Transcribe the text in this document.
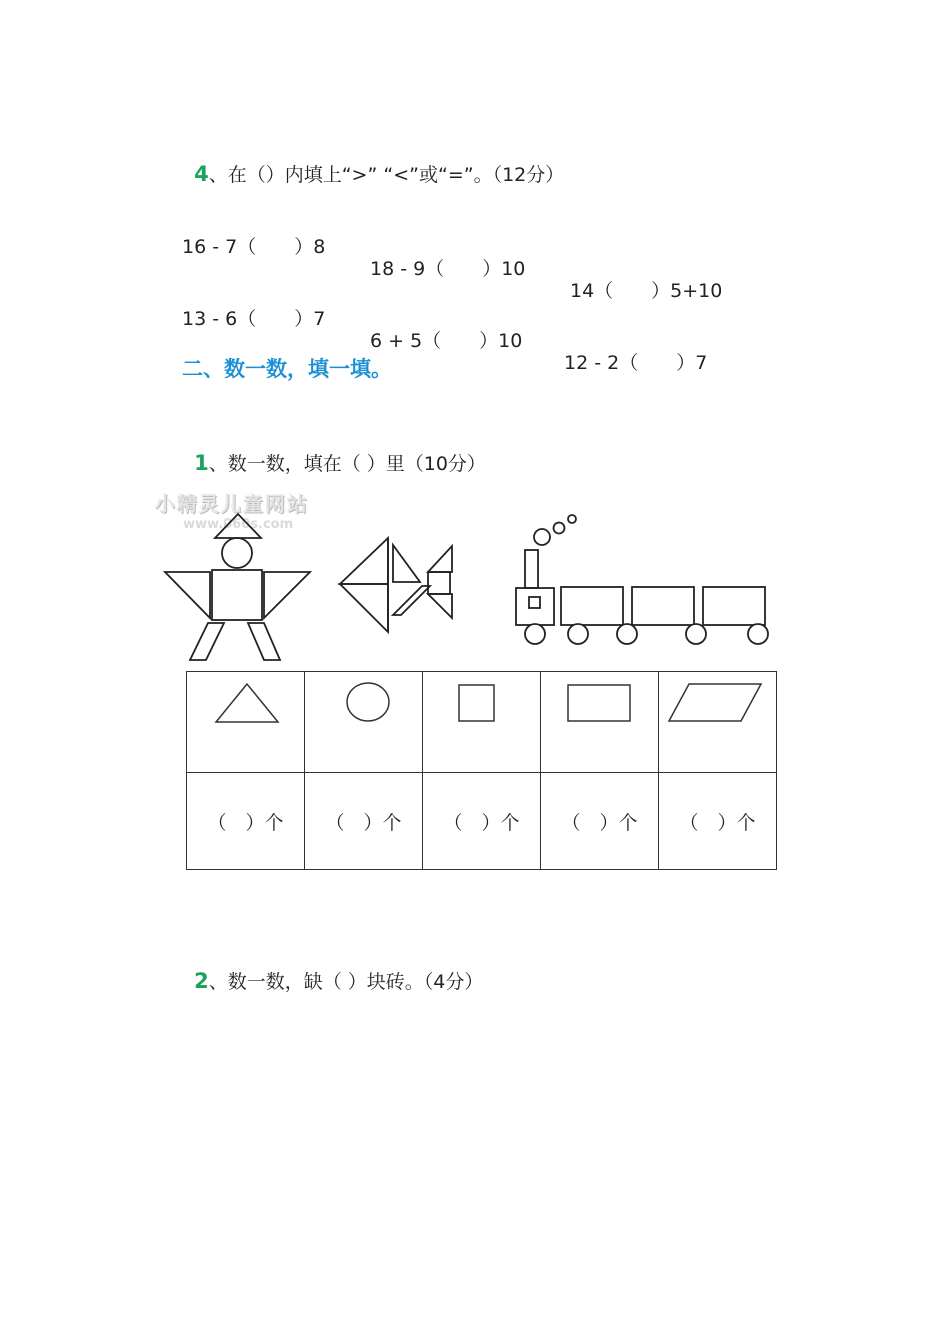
4、在（）内填上“>” “<”或“=”。（12分）

16 - 7（　　）8

18 - 9（　　）10

14（　　）5+10

13 - 6（　　）7

6 + 5（　　）10

12 - 2（　　）7

二、数一数，填一填。

1、数一数，填在（ ）里（10分）

小精灵儿童网站
www.060s.com

（　）个	（　）个	（　）个	（　）个	（　）个

2、数一数，缺（ ）块砖。（4分）
